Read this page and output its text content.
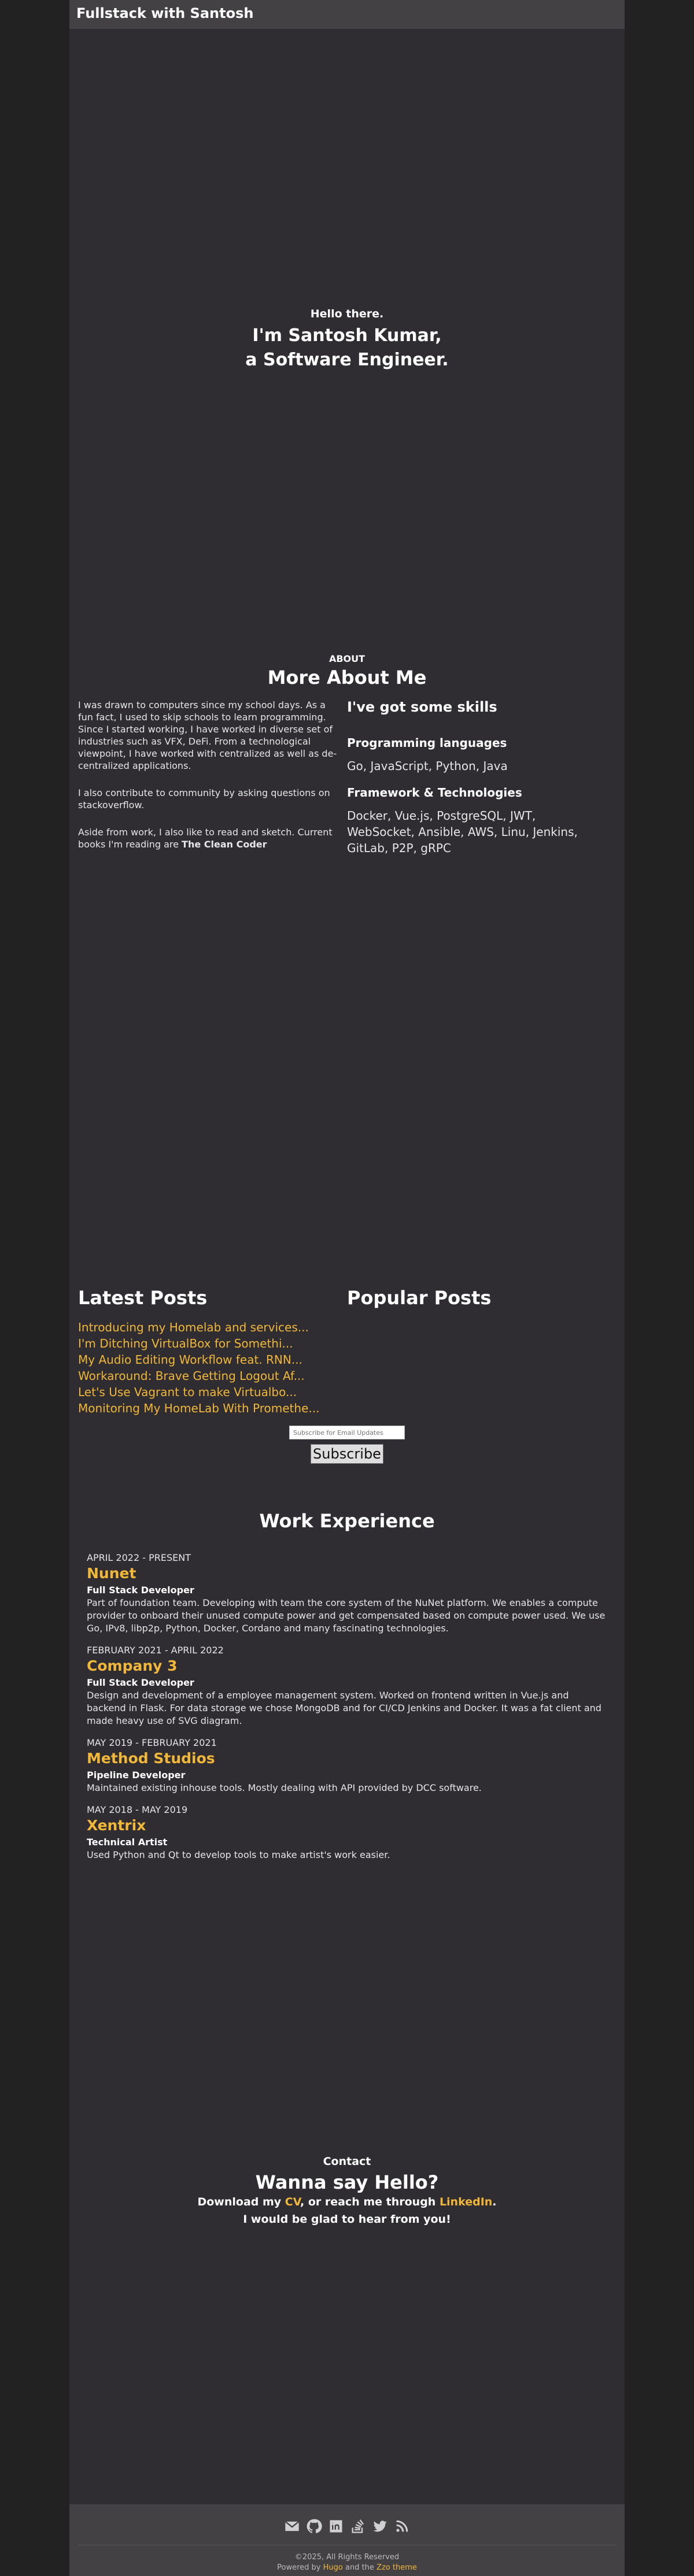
Fullstack with Santosh
Hello there.
I'm Santosh Kumar,
a Software Engineer.
ABOUT
More About Me

I was drawn to computers since my school days. As a fun fact, I used to skip schools to learn programming. Since I started working, I have worked in diverse set of industries such as VFX, DeFi. From a technological viewpoint, I have worked with centralized as well as de-centralized applications.

I also contribute to community by asking questions on stackoverflow.

Aside from work, I also like to read and sketch. Current books I'm reading are The Clean Coder

I've got some skills
Programming languages
Go, JavaScript, Python, Java
Framework & Technologies
Docker, Vue.js, PostgreSQL, JWT, WebSocket, Ansible, AWS, Linu, Jenkins, GitLab, P2P, gRPC
Latest Posts
Introducing my Homelab and services...
I'm Ditching VirtualBox for Somethi...
My Audio Editing Workflow feat. RNN...
Workaround: Brave Getting Logout Af...
Let's Use Vagrant to make Virtualbo...
Monitoring My HomeLab With Promethe...
Popular Posts
Subscribe for Email Updates Subscribe
Work Experience
APRIL 2022 - PRESENT
Nunet
Full Stack Developer
Part of foundation team. Developing with team the core system of the NuNet platform. We enables a compute provider to onboard their unused compute power and get compensated based on compute power used. We use Go, IPv8, libp2p, Python, Docker, Cordano and many fascinating technologies.
FEBRUARY 2021 - APRIL 2022
Company 3
Full Stack Developer
Design and development of a employee management system. Worked on frontend written in Vue.js and backend in Flask. For data storage we chose MongoDB and for CI/CD Jenkins and Docker. It was a fat client and made heavy use of SVG diagram.
MAY 2019 - FEBRUARY 2021
Method Studios
Pipeline Developer
Maintained existing inhouse tools. Mostly dealing with API provided by DCC software.
MAY 2018 - MAY 2019
Xentrix
Technical Artist
Used Python and Qt to develop tools to make artist's work easier.
Contact
Wanna say Hello?
Download my CV, or reach me through LinkedIn.
I would be glad to hear from you!
©2025, All Rights Reserved
Powered by Hugo and the Zzo theme
